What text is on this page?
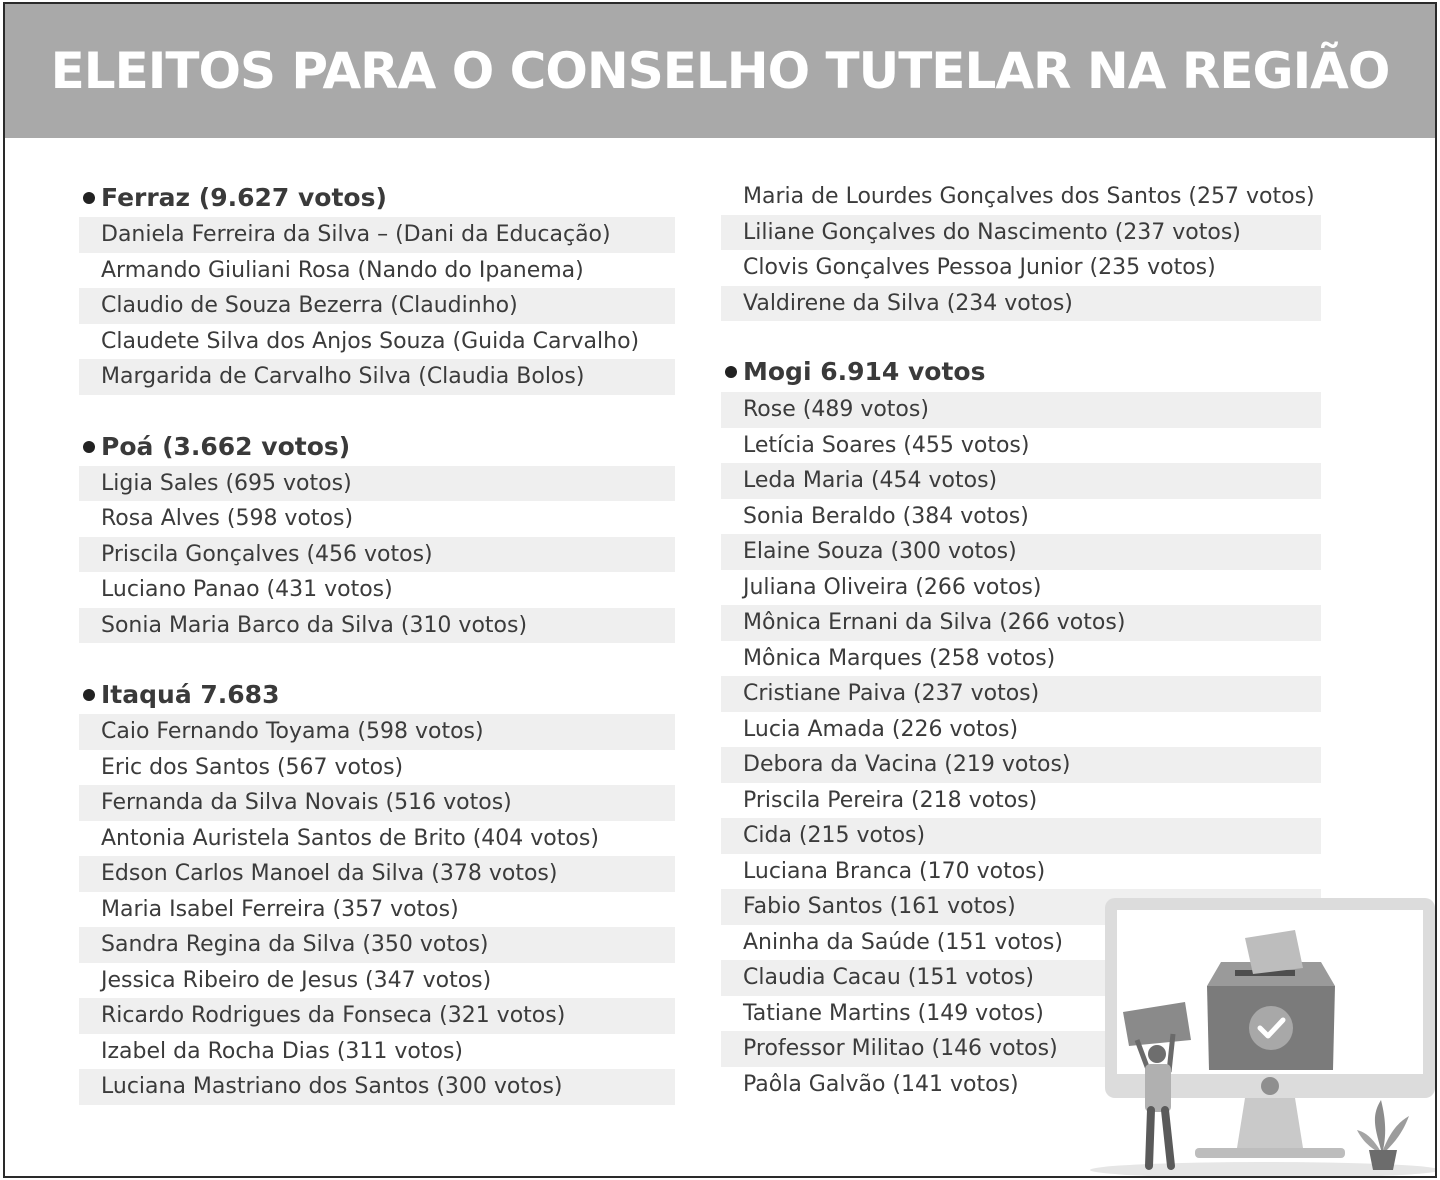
ELEITOS PARA O CONSELHO TUTELAR NA REGIÃO
Ferraz (9.627 votos)
Daniela Ferreira da Silva – (Dani da Educação)
Armando Giuliani Rosa (Nando do Ipanema)
Claudio de Souza Bezerra (Claudinho)
Claudete Silva dos Anjos Souza (Guida Carvalho)
Margarida de Carvalho Silva (Claudia Bolos)
Poá (3.662 votos)
Ligia Sales (695 votos)
Rosa Alves (598 votos)
Priscila Gonçalves (456 votos)
Luciano Panao (431 votos)
Sonia Maria Barco da Silva (310 votos)
Itaquá 7.683
Caio Fernando Toyama (598 votos)
Eric dos Santos (567 votos)
Fernanda da Silva Novais (516 votos)
Antonia Auristela Santos de Brito (404 votos)
Edson Carlos Manoel da Silva (378 votos)
Maria Isabel Ferreira (357 votos)
Sandra Regina da Silva (350 votos)
Jessica Ribeiro de Jesus (347 votos)
Ricardo Rodrigues da Fonseca (321 votos)
Izabel da Rocha Dias (311 votos)
Luciana Mastriano dos Santos (300 votos)
Maria de Lourdes Gonçalves dos Santos (257 votos)
Liliane Gonçalves do Nascimento (237 votos)
Clovis Gonçalves Pessoa Junior (235 votos)
Valdirene da Silva (234 votos)
Mogi 6.914 votos
Rose (489 votos)
Letícia Soares (455 votos)
Leda Maria (454 votos)
Sonia Beraldo (384 votos)
Elaine Souza (300 votos)
Juliana Oliveira (266 votos)
Mônica Ernani da Silva (266 votos)
Mônica Marques (258 votos)
Cristiane Paiva (237 votos)
Lucia Amada (226 votos)
Debora da Vacina (219 votos)
Priscila Pereira (218 votos)
Cida (215 votos)
Luciana Branca (170 votos)
Fabio Santos (161 votos)
Aninha da Saúde (151 votos)
Claudia Cacau (151 votos)
Tatiane Martins (149 votos)
Professor Militao (146 votos)
Paôla Galvão (141 votos)
